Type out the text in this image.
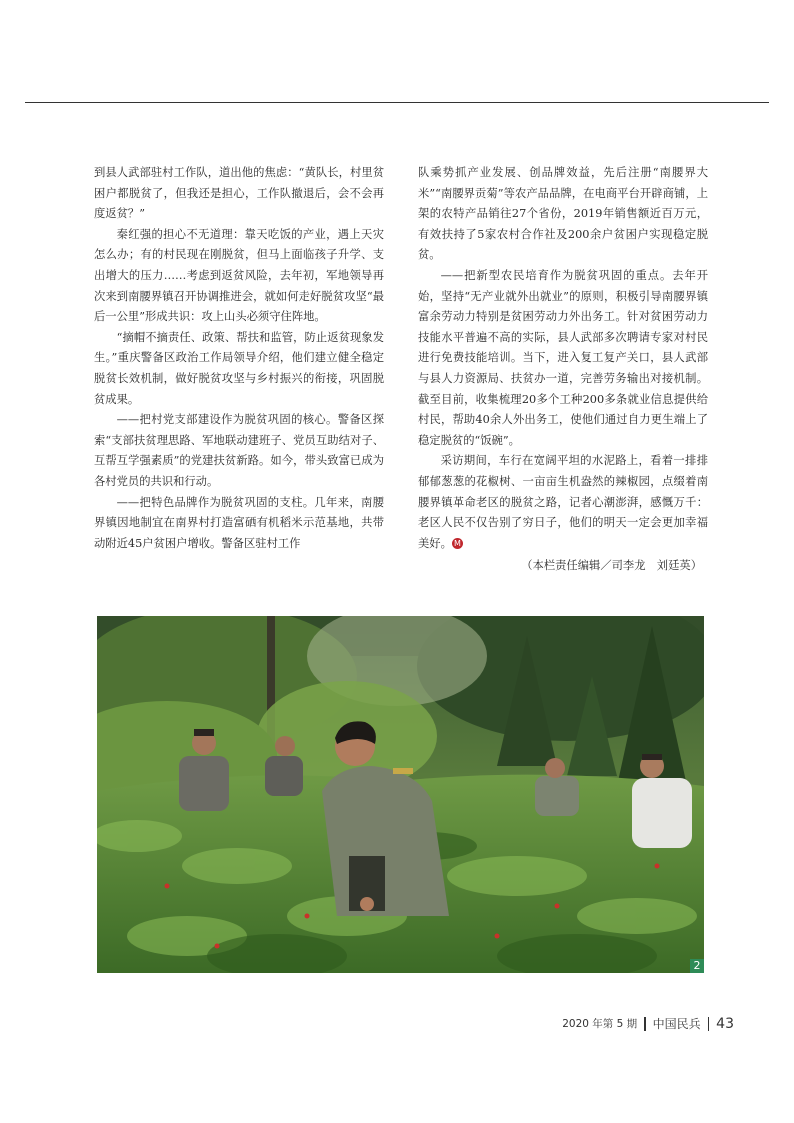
到县人武部驻村工作队，道出他的焦虑：“黄队长，村里贫困户都脱贫了，但我还是担心，工作队撤退后，会不会再度返贫？”

秦红强的担心不无道理：靠天吃饭的产业，遇上天灾怎么办；有的村民现在刚脱贫，但马上面临孩子升学、支出增大的压力……考虑到返贫风险，去年初，军地领导再次来到南腰界镇召开协调推进会，就如何走好脱贫攻坚“最后一公里”形成共识：攻上山头必须守住阵地。

“摘帽不摘责任、政策、帮扶和监管，防止返贫现象发生。”重庆警备区政治工作局领导介绍，他们建立健全稳定脱贫长效机制，做好脱贫攻坚与乡村振兴的衔接，巩固脱贫成果。

——把村党支部建设作为脱贫巩固的核心。警备区探索“支部扶贫理思路、军地联动建班子、党员互助结对子、互帮互学强素质”的党建扶贫新路。如今，带头致富已成为各村党员的共识和行动。

——把特色品牌作为脱贫巩固的支柱。几年来，南腰界镇因地制宜在南界村打造富硒有机稻米示范基地，共带动附近45户贫困户增收。警备区驻村工作

队乘势抓产业发展、创品牌效益，先后注册“南腰界大米”“南腰界贡菊”等农产品品牌，在电商平台开辟商铺，上架的农特产品销往27个省份，2019年销售额近百万元，有效扶持了5家农村合作社及200余户贫困户实现稳定脱贫。

——把新型农民培育作为脱贫巩固的重点。去年开始，坚持“无产业就外出就业”的原则，积极引导南腰界镇富余劳动力特别是贫困劳动力外出务工。针对贫困劳动力技能水平普遍不高的实际，县人武部多次聘请专家对村民进行免费技能培训。当下，进入复工复产关口，县人武部与县人力资源局、扶贫办一道，完善劳务输出对接机制。截至目前，收集梳理20多个工种200多条就业信息提供给村民，帮助40余人外出务工，使他们通过自力更生端上了稳定脱贫的“饭碗”。

采访期间，车行在宽阔平坦的水泥路上，看着一排排郁郁葱葱的花椒树、一亩亩生机盎然的辣椒园，点缀着南腰界镇革命老区的脱贫之路，记者心潮澎湃，感慨万千：老区人民不仅告别了穷日子，他们的明天一定会更加幸福美好。 M

（本栏责任编辑／司李龙　刘廷英）

2
2020 年第 5 期 中国民兵 43
